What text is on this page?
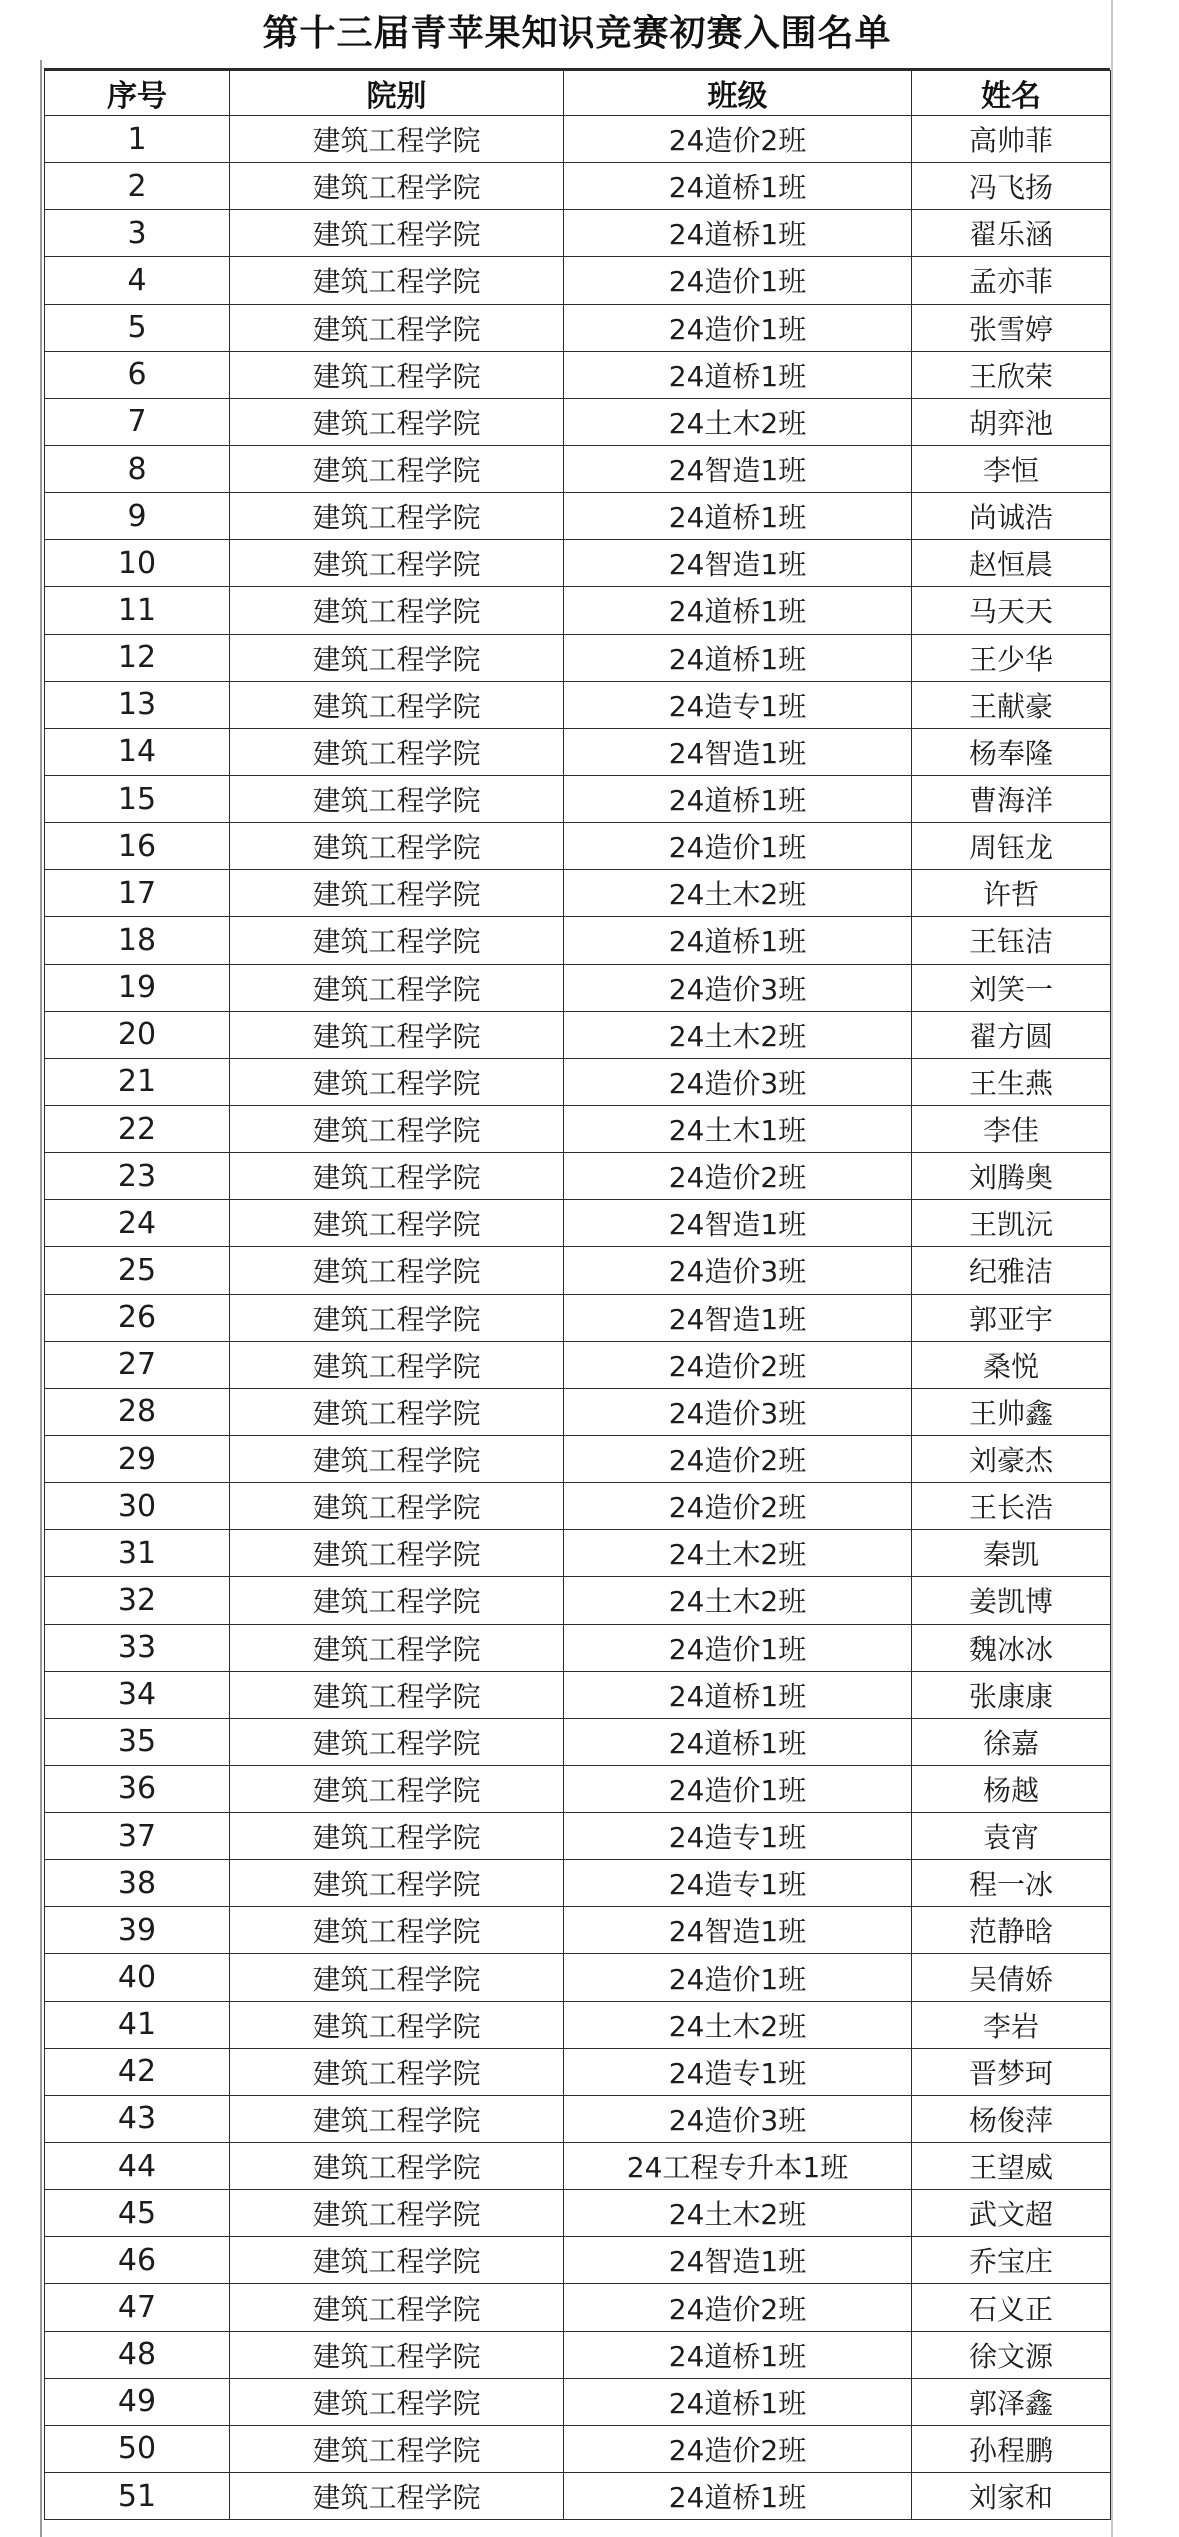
第十三届青苹果知识竞赛初赛入围名单
序号	院别	班级	姓名
1	建筑工程学院	24造价2班	高帅菲
2	建筑工程学院	24道桥1班	冯飞扬
3	建筑工程学院	24道桥1班	翟乐涵
4	建筑工程学院	24造价1班	孟亦菲
5	建筑工程学院	24造价1班	张雪婷
6	建筑工程学院	24道桥1班	王欣荣
7	建筑工程学院	24土木2班	胡弈池
8	建筑工程学院	24智造1班	李恒
9	建筑工程学院	24道桥1班	尚诚浩
10	建筑工程学院	24智造1班	赵恒晨
11	建筑工程学院	24道桥1班	马天天
12	建筑工程学院	24道桥1班	王少华
13	建筑工程学院	24造专1班	王献豪
14	建筑工程学院	24智造1班	杨奉隆
15	建筑工程学院	24道桥1班	曹海洋
16	建筑工程学院	24造价1班	周钰龙
17	建筑工程学院	24土木2班	许哲
18	建筑工程学院	24道桥1班	王钰洁
19	建筑工程学院	24造价3班	刘笑一
20	建筑工程学院	24土木2班	翟方圆
21	建筑工程学院	24造价3班	王生燕
22	建筑工程学院	24土木1班	李佳
23	建筑工程学院	24造价2班	刘腾奥
24	建筑工程学院	24智造1班	王凯沅
25	建筑工程学院	24造价3班	纪雅洁
26	建筑工程学院	24智造1班	郭亚宇
27	建筑工程学院	24造价2班	桑悦
28	建筑工程学院	24造价3班	王帅鑫
29	建筑工程学院	24造价2班	刘豪杰
30	建筑工程学院	24造价2班	王长浩
31	建筑工程学院	24土木2班	秦凯
32	建筑工程学院	24土木2班	姜凯博
33	建筑工程学院	24造价1班	魏冰冰
34	建筑工程学院	24道桥1班	张康康
35	建筑工程学院	24道桥1班	徐嘉
36	建筑工程学院	24造价1班	杨越
37	建筑工程学院	24造专1班	袁宵
38	建筑工程学院	24造专1班	程一冰
39	建筑工程学院	24智造1班	范静晗
40	建筑工程学院	24造价1班	吴倩娇
41	建筑工程学院	24土木2班	李岩
42	建筑工程学院	24造专1班	晋梦珂
43	建筑工程学院	24造价3班	杨俊萍
44	建筑工程学院	24工程专升本1班	王望威
45	建筑工程学院	24土木2班	武文超
46	建筑工程学院	24智造1班	乔宝庄
47	建筑工程学院	24造价2班	石义正
48	建筑工程学院	24道桥1班	徐文源
49	建筑工程学院	24道桥1班	郭泽鑫
50	建筑工程学院	24造价2班	孙程鹏
51	建筑工程学院	24道桥1班	刘家和
